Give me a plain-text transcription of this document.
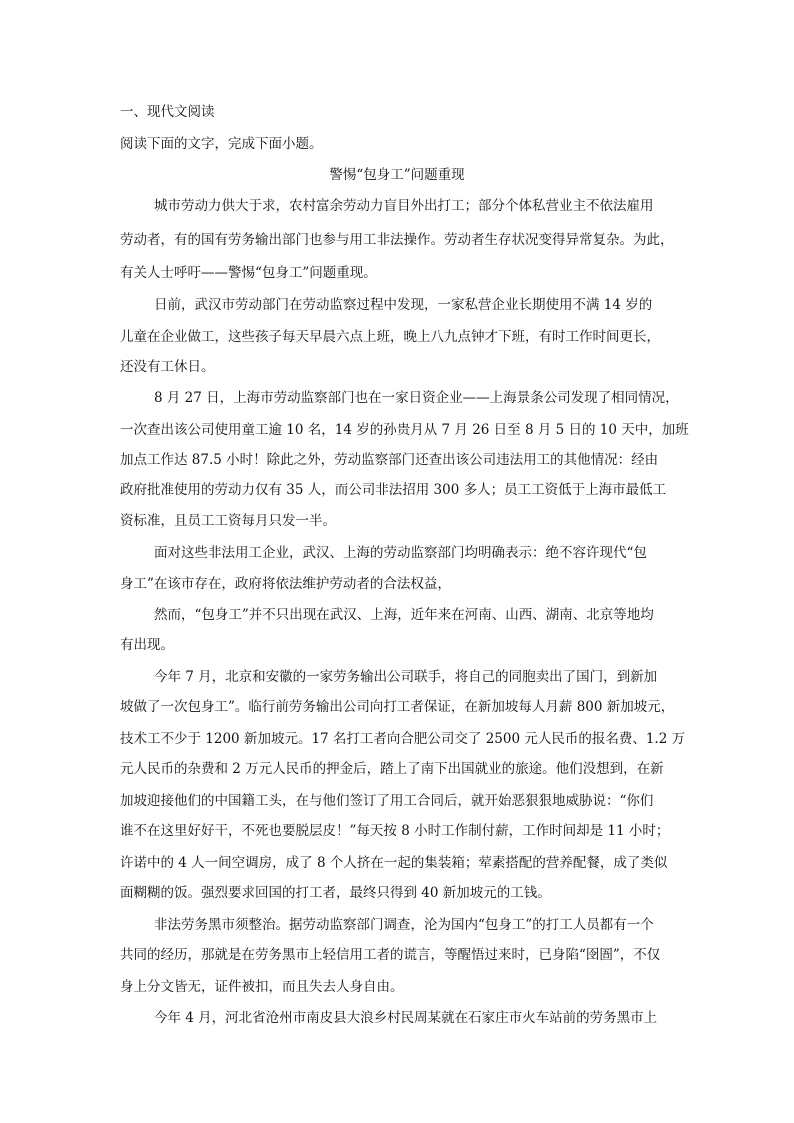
一、现代文阅读
阅读下面的文字，完成下面小题。
警惕“包身工”问题重现
城市劳动力供大于求，农村富余劳动力盲目外出打工；部分个体私营业主不依法雇用
劳动者，有的国有劳务输出部门也参与用工非法操作。劳动者生存状况变得异常复杂。为此，
有关人士呼吁——警惕“包身工”问题重现。
日前，武汉市劳动部门在劳动监察过程中发现，一家私营企业长期使用不满 14 岁的
儿童在企业做工，这些孩子每天早晨六点上班，晚上八九点钟才下班，有时工作时间更长，
还没有工休日。
8 月 27 日，上海市劳动监察部门也在一家日资企业——上海景条公司发现了相同情况，
一次查出该公司使用童工逾 10 名，14 岁的孙贵月从 7 月 26 日至 8 月 5 日的 10 天中，加班
加点工作达 87.5 小时！除此之外，劳动监察部门还查出该公司违法用工的其他情况：经由
政府批准使用的劳动力仅有 35 人，而公司非法招用 300 多人；员工工资低于上海市最低工
资标准，且员工工资每月只发一半。
面对这些非法用工企业，武汉、上海的劳动监察部门均明确表示：绝不容许现代“包
身工”在该市存在，政府将依法维护劳动者的合法权益，
然而，“包身工”并不只出现在武汉、上海，近年来在河南、山西、湖南、北京等地均
有出现。
今年 7 月，北京和安徽的一家劳务输出公司联手，将自己的同胞卖出了国门，到新加
坡做了一次包身工”。临行前劳务输出公司向打工者保证，在新加坡每人月薪 800 新加坡元，
技术工不少于 1200 新加坡元。17 名打工者向合肥公司交了 2500 元人民币的报名费、1.2 万
元人民币的杂费和 2 万元人民币的押金后，踏上了南下出国就业的旅途。他们没想到，在新
加坡迎接他们的中国籍工头，在与他们签订了用工合同后，就开始恶狠狠地威胁说：“你们
谁不在这里好好干，不死也要脱层皮！”每天按 8 小时工作制付薪，工作时间却是 11 小时；
许诺中的 4 人一间空调房，成了 8 个人挤在一起的集装箱；荤素搭配的营养配餐，成了类似
面糊糊的饭。强烈要求回国的打工者，最终只得到 40 新加坡元的工钱。
非法劳务黑市须整治。据劳动监察部门调查，沦为国内“包身工”的打工人员都有一个
共同的经历，那就是在劳务黑市上轻信用工者的谎言，等醒悟过来时，已身陷“囹圄”，不仅
身上分文皆无，证件被扣，而且失去人身自由。
今年 4 月，河北省沧州市南皮县大浪乡村民周某就在石家庄市火车站前的劳务黑市上
